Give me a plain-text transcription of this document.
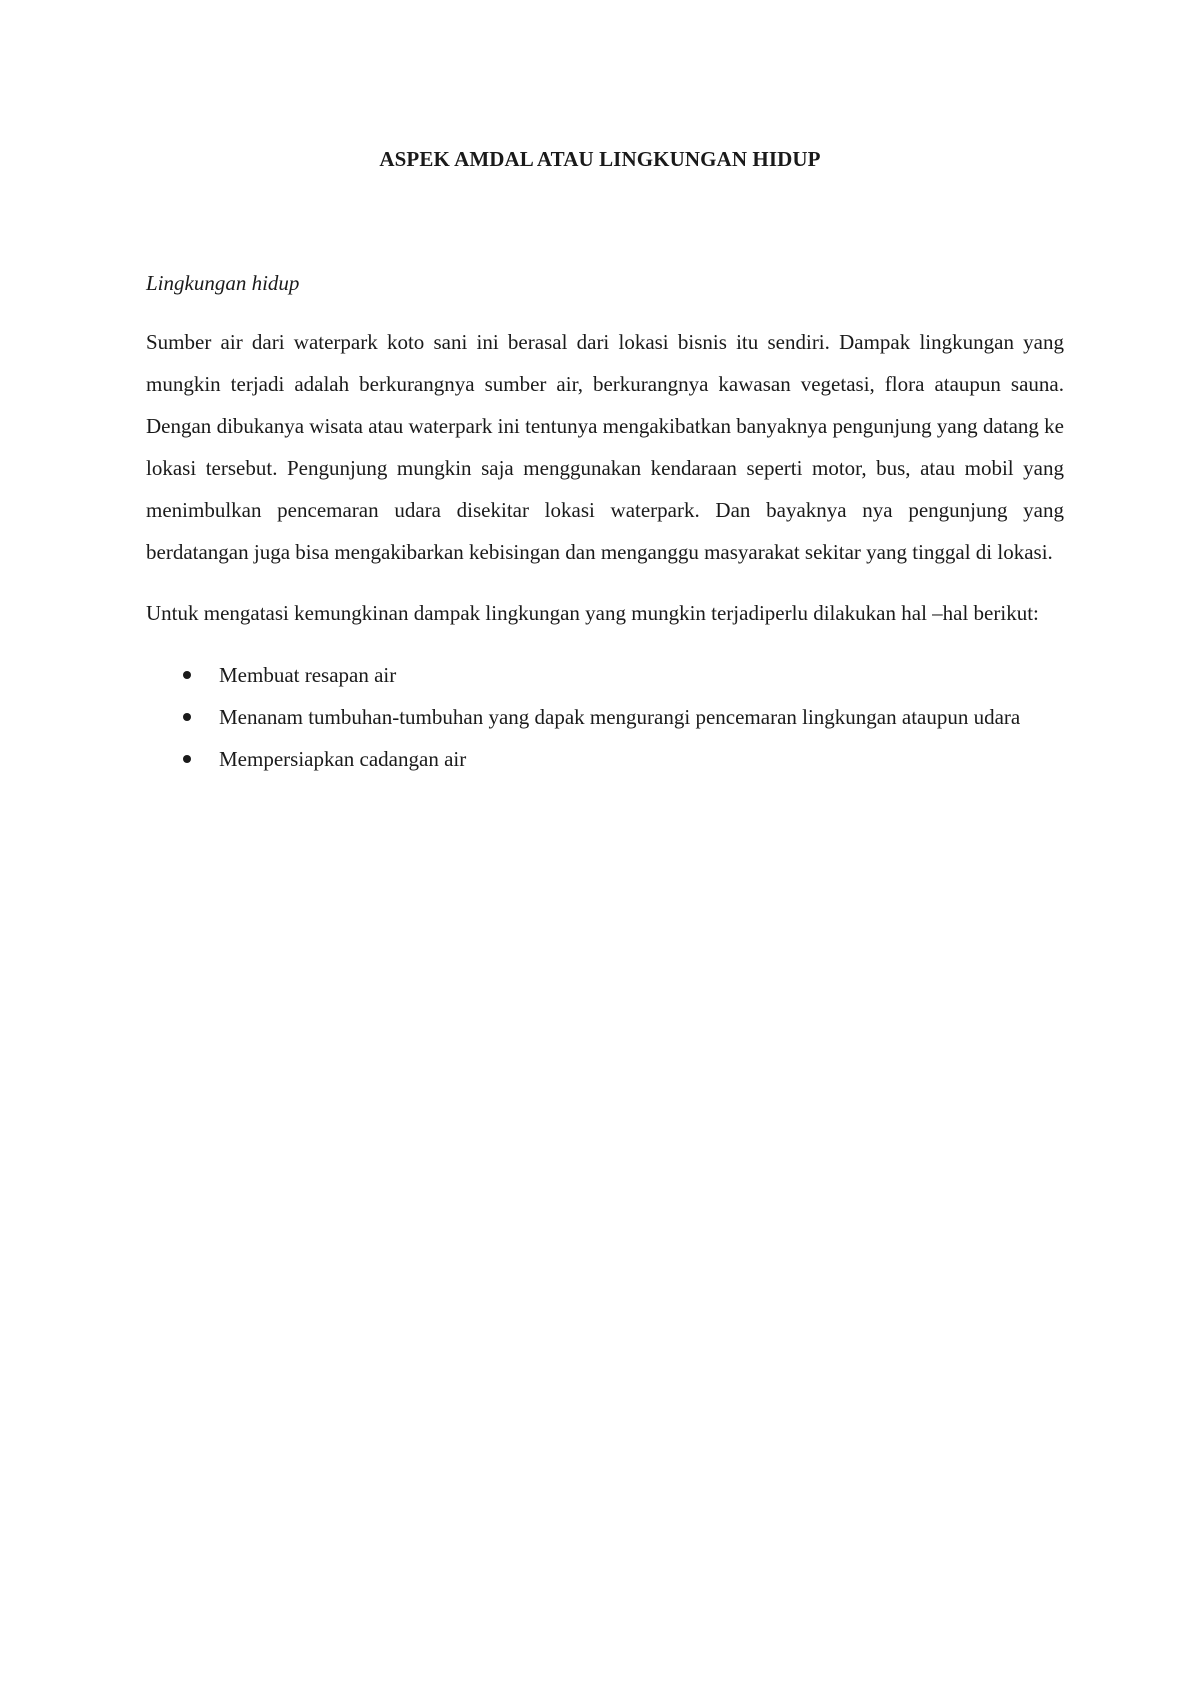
ASPEK AMDAL ATAU LINGKUNGAN HIDUP

Lingkungan hidup

Sumber air dari waterpark koto sani ini berasal dari lokasi bisnis itu sendiri. Dampak lingkungan yang mungkin terjadi adalah berkurangnya sumber air, berkurangnya kawasan vegetasi, flora ataupun sauna. Dengan dibukanya wisata atau waterpark ini tentunya mengakibatkan banyaknya pengunjung yang datang ke lokasi tersebut. Pengunjung mungkin saja menggunakan kendaraan seperti motor, bus, atau mobil yang menimbulkan pencemaran udara disekitar lokasi waterpark. Dan bayaknya nya pengunjung yang berdatangan juga bisa mengakibarkan kebisingan dan menganggu masyarakat sekitar yang tinggal di lokasi.

Untuk mengatasi kemungkinan dampak lingkungan yang mungkin terjadiperlu dilakukan hal –hal berikut:

Membuat resapan air
Menanam tumbuhan-tumbuhan yang dapak mengurangi pencemaran lingkungan ataupun udara
Mempersiapkan cadangan air
